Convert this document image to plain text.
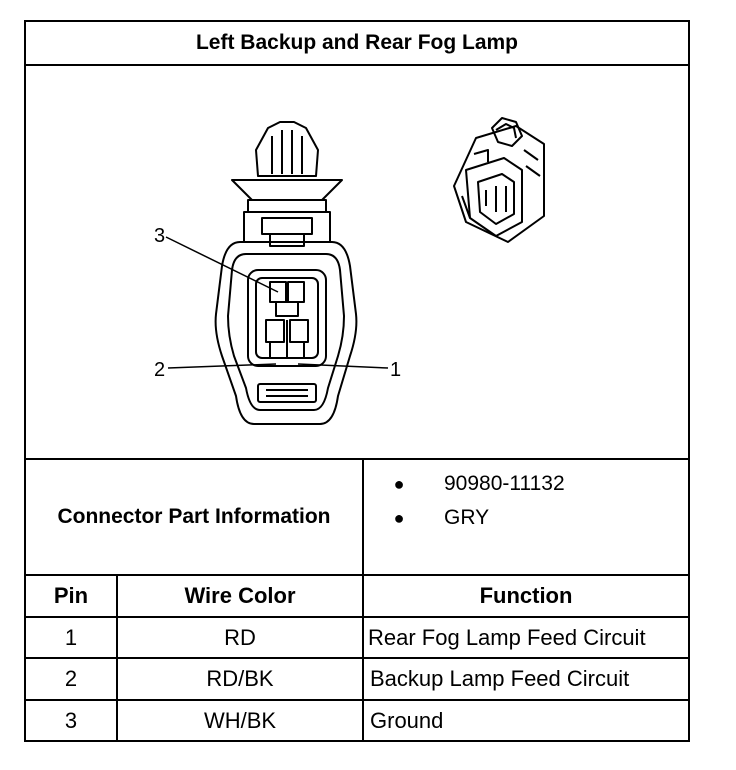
Left Backup and Rear Fog Lamp
3
2	1
Connector Part Information
●	90980-11132
●	GRY
Pin	Wire Color	Function
1	RD	Rear Fog Lamp Feed Circuit
2	RD/BK	Backup Lamp Feed Circuit
3	WH/BK	Ground
